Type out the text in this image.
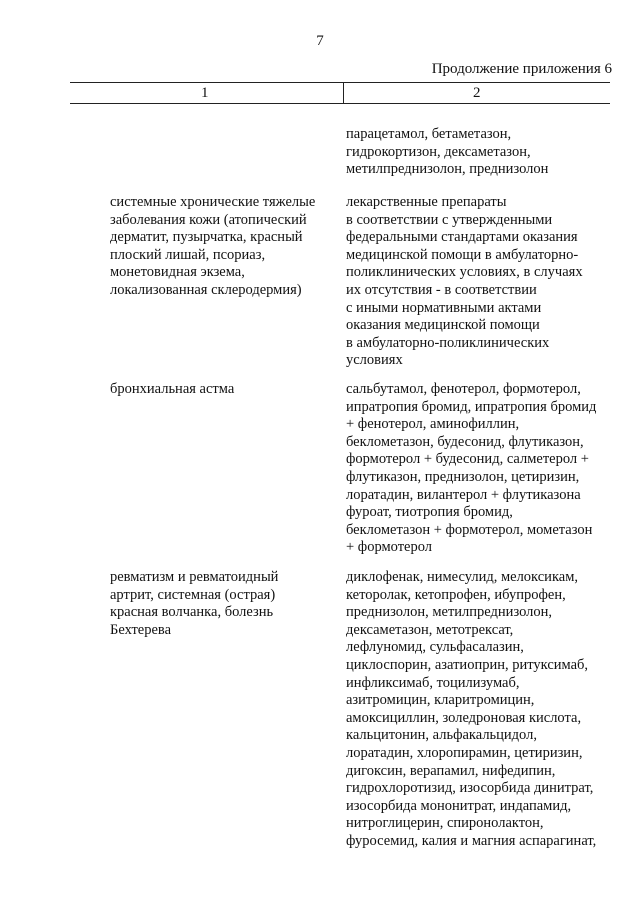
7
Продолжение приложения 6
1	2
парацетамол, бетаметазон,
гидрокортизон, дексаметазон,
метилпреднизолон, преднизолон
системные хронические тяжелые
заболевания кожи (атопический
дерматит, пузырчатка, красный
плоский лишай, псориаз,
монетовидная экзема,
локализованная склеродермия)
лекарственные препараты
в соответствии с утвержденными
федеральными стандартами оказания
медицинской помощи в амбулаторно-
поликлинических условиях, в случаях
их отсутствия - в соответствии
с иными нормативными актами
оказания медицинской помощи
в амбулаторно-поликлинических
условиях
бронхиальная астма	сальбутамол, фенотерол, формотерол,
ипратропия бромид, ипратропия бромид
+ фенотерол, аминофиллин,
беклометазон, будесонид, флутиказон,
формотерол + будесонид, салметерол +
флутиказон, преднизолон, цетиризин,
лоратадин, вилантерол + флутиказона
фуроат, тиотропия бромид,
беклометазон + формотерол, мометазон
+ формотерол
ревматизм и ревматоидный
артрит, системная (острая)
красная волчанка, болезнь
Бехтерева
диклофенак, нимесулид, мелоксикам,
кеторолак, кетопрофен, ибупрофен,
преднизолон, метилпреднизолон,
дексаметазон, метотрексат,
лефлуномид, сульфасалазин,
циклоспорин, азатиоприн, ритуксимаб,
инфликсимаб, тоцилизумаб,
азитромицин, кларитромицин,
амоксициллин, золедроновая кислота,
кальцитонин, альфакальцидол,
лоратадин, хлоропирамин, цетиризин,
дигоксин, верапамил, нифедипин,
гидрохлоротизид, изосорбида динитрат,
изосорбида мононитрат, индапамид,
нитроглицерин, спиронолактон,
фуросемид, калия и магния аспарагинат,
